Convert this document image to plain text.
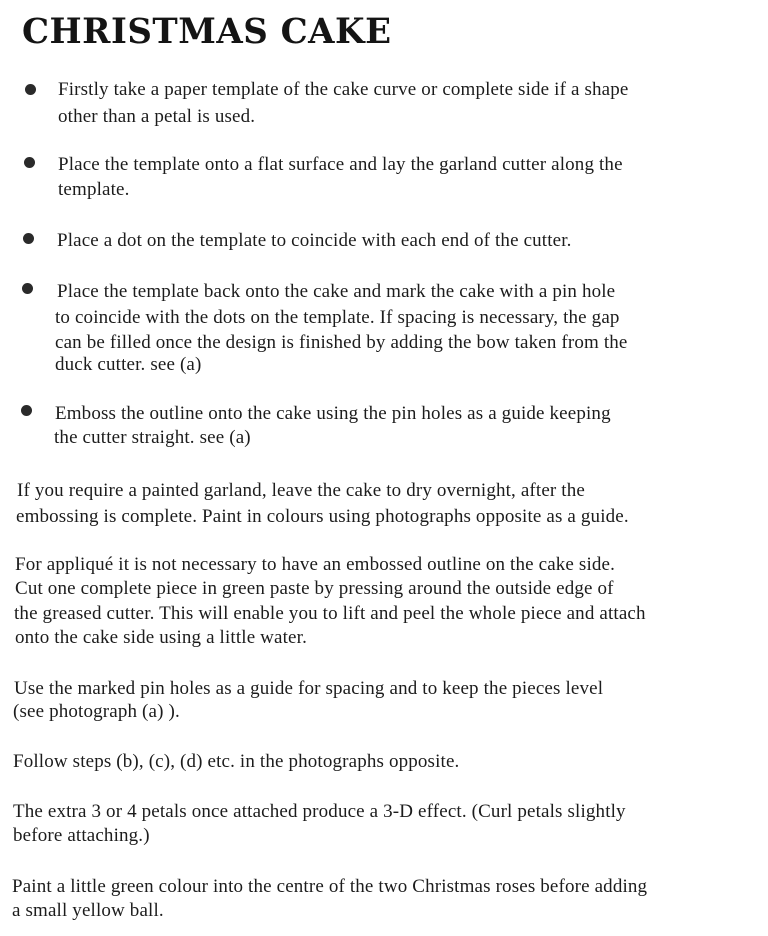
CHRISTMAS CAKE
Firstly take a paper template of the cake curve or complete side if a shape
other than a petal is used.
Place the template onto a flat surface and lay the garland cutter along the
template.
Place a dot on the template to coincide with each end of the cutter.
Place the template back onto the cake and mark the cake with a pin hole
to coincide with the dots on the template. If spacing is necessary, the gap
can be filled once the design is finished by adding the bow taken from the
duck cutter. see (a)
Emboss the outline onto the cake using the pin holes as a guide keeping
the cutter straight. see (a)
If you require a painted garland, leave the cake to dry overnight, after the
embossing is complete. Paint in colours using photographs opposite as a guide.
For appliqué it is not necessary to have an embossed outline on the cake side.
Cut one complete piece in green paste by pressing around the outside edge of
the greased cutter. This will enable you to lift and peel the whole piece and attach
onto the cake side using a little water.
Use the marked pin holes as a guide for spacing and to keep the pieces level
(see photograph (a) ).
Follow steps (b), (c), (d) etc. in the photographs opposite.
The extra 3 or 4 petals once attached produce a 3-D effect. (Curl petals slightly
before attaching.)
Paint a little green colour into the centre of the two Christmas roses before adding
a small yellow ball.
